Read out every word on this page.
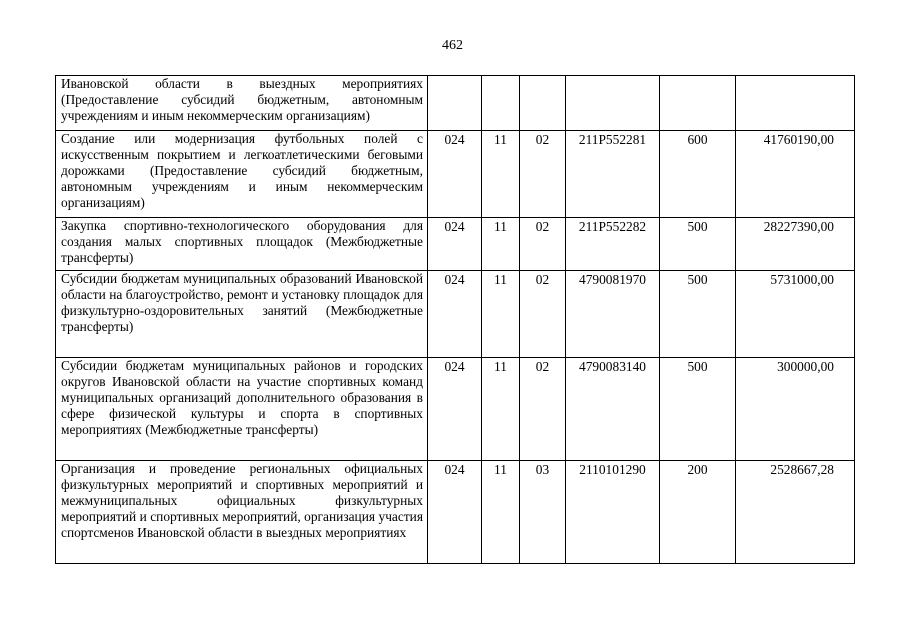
462
Ивановской области в выездных мероприятиях (Предоставление субсидий бюджетным, автономным учреждениям и иным некоммерческим организациям)						
Создание или модернизация футбольных полей с искусственным покрытием и легкоатлетическими беговыми дорожками (Предоставление субсидий бюджетным, автономным учреждениям и иным некоммерческим организациям)	024	11	02	211P552281	600	41760190,00
Закупка спортивно-технологического оборудования для создания малых спортивных площадок (Межбюджетные трансферты)	024	11	02	211P552282	500	28227390,00
Субсидии бюджетам муниципальных образований Ивановской области на благоустройство, ремонт и установку площадок для физкультурно-оздоровительных занятий (Межбюджетные трансферты)	024	11	02	4790081970	500	5731000,00
Субсидии бюджетам муниципальных районов и городских округов Ивановской области на участие спортивных команд муниципальных организаций дополнительного образования в сфере физической культуры и спорта в спортивных мероприятиях (Межбюджетные трансферты)	024	11	02	4790083140	500	300000,00
Организация и проведение региональных официальных физкультурных мероприятий и спортивных мероприятий и межмуниципальных официальных физкультурных мероприятий и спортивных мероприятий, организация участия спортсменов Ивановской области в выездных мероприятиях	024	11	03	2110101290	200	2528667,28
